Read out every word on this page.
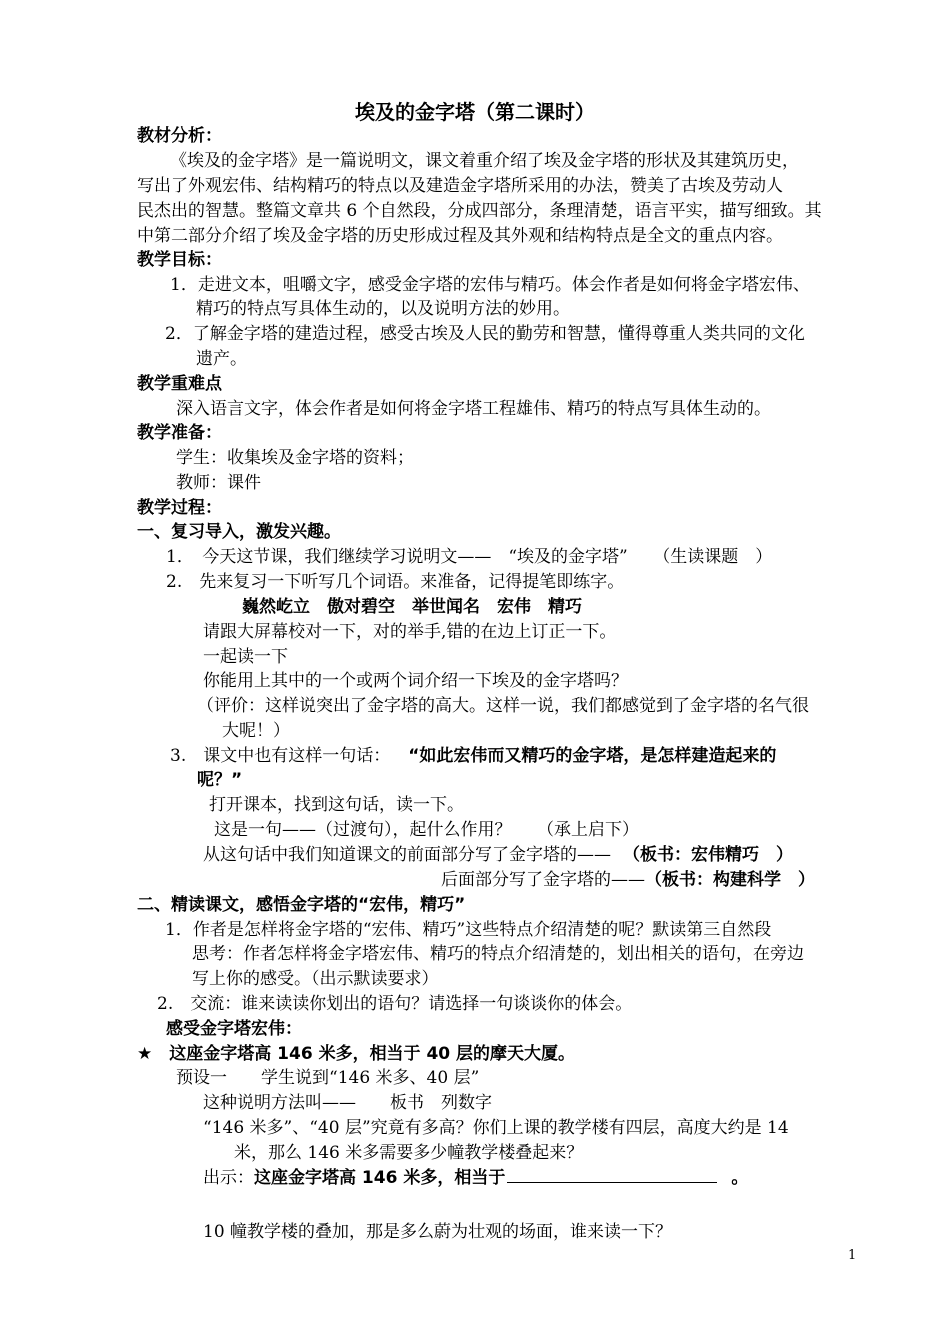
埃及的金字塔（第二课时）
教材分析：
《埃及的金字塔》是一篇说明文，课文着重介绍了埃及金字塔的形状及其建筑历史，
写出了外观宏伟、结构精巧的特点以及建造金字塔所采用的办法，赞美了古埃及劳动人
民杰出的智慧。整篇文章共 6 个自然段，分成四部分，条理清楚，语言平实，描写细致。其
中第二部分介绍了埃及金字塔的历史形成过程及其外观和结构特点是全文的重点内容。
教学目标：
1．走进文本，咀嚼文字，感受金字塔的宏伟与精巧。体会作者是如何将金字塔宏伟、
精巧的特点写具体生动的，以及说明方法的妙用。
2．了解金字塔的建造过程，感受古埃及人民的勤劳和智慧，懂得尊重人类共同的文化
遗产。
教学重难点
深入语言文字，体会作者是如何将金字塔工程雄伟、精巧的特点写具体生动的。
教学准备：
学生：收集埃及金字塔的资料；
教师：课件
教学过程：
一、复习导入，激发兴趣。
1．　今天这节课，我们继续学习说明文——　“埃及的金字塔”　　（生读课题　）
2.　先来复习一下听写几个词语。来准备，记得提笔即练字。
巍然屹立　傲对碧空　举世闻名　宏伟　精巧
请跟大屏幕校对一下，对的举手,错的在边上订正一下。
一起读一下
你能用上其中的一个或两个词介绍一下埃及的金字塔吗？
（评价：这样说突出了金字塔的高大。这样一说，我们都感觉到了金字塔的名气很
大呢！）
3.　课文中也有这样一句话： “如此宏伟而又精巧的金字塔，是怎样建造起来的
呢？”
打开课本，找到这句话，读一下。
这是一句——（过渡句），起什么作用？　　（承上启下）
从这句话中我们知道课文的前面部分写了金字塔的—— （板书：宏伟精巧　）
后面部分写了金字塔的——（板书：构建科学　）
二、精读课文，感悟金字塔的“宏伟，精巧”
1．作者是怎样将金字塔的“宏伟、精巧”这些特点介绍清楚的呢？默读第三自然段
思考：作者怎样将金字塔宏伟、精巧的特点介绍清楚的，划出相关的语句，在旁边
写上你的感受。（出示默读要求）
2.　交流：谁来读读你划出的语句？请选择一句谈谈你的体会。
感受金字塔宏伟：
★　这座金字塔高 146 米多，相当于 40 层的摩天大厦。
预设一　　学生说到“146 米多、40 层”
这种说明方法叫——　　板书　列数字
“146 米多”、“40 层”究竟有多高？你们上课的教学楼有四层，高度大约是 14
米，那么 146 米多需要多少幢教学楼叠起来？
出示：这座金字塔高 146 米多，相当于	。
10 幢教学楼的叠加，那是多么蔚为壮观的场面，谁来读一下？
1
